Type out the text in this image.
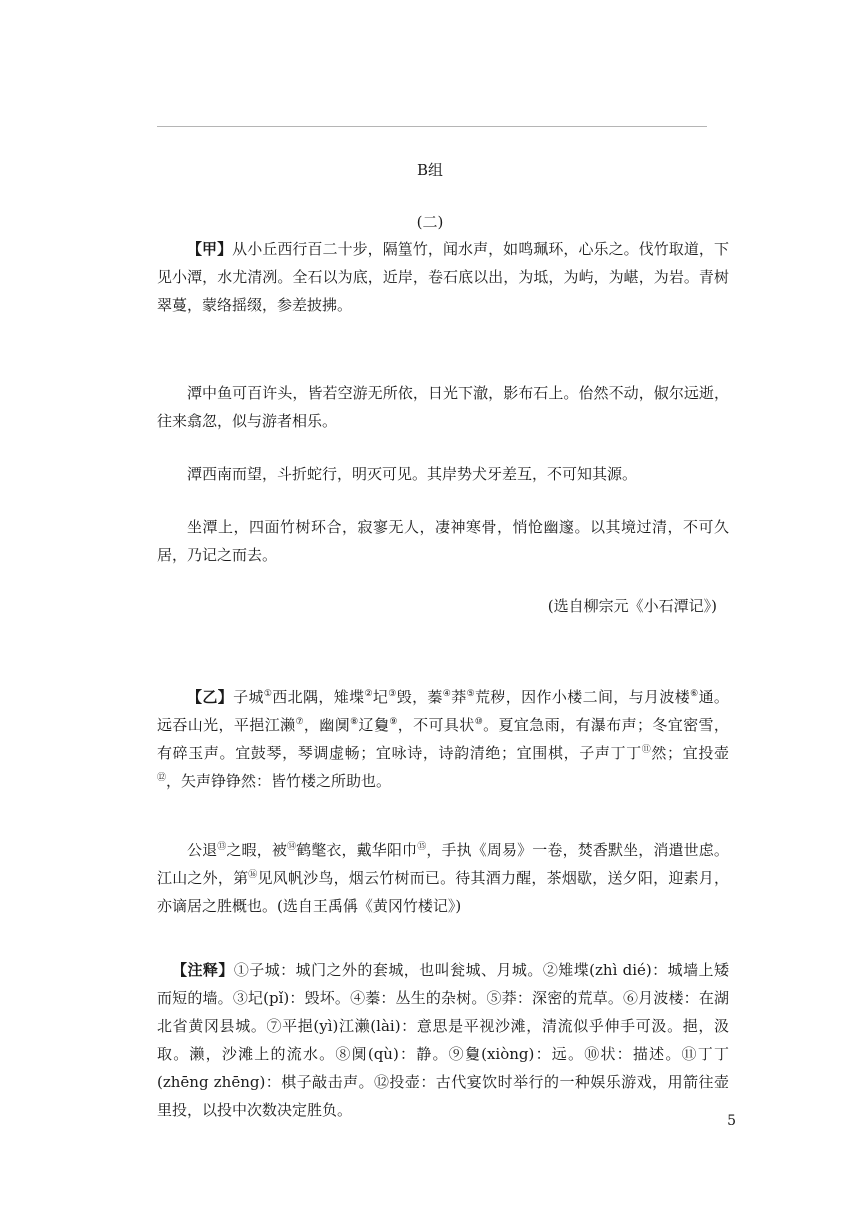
B组
(二)

【甲】从小丘西行百二十步，隔篁竹，闻水声，如鸣珮环，心乐之。伐竹取道，下见小潭，水尤清冽。全石以为底，近岸，卷石底以出，为坻，为屿，为嵁，为岩。青树翠蔓，蒙络摇缀，参差披拂。

潭中鱼可百许头，皆若空游无所依，日光下澈，影布石上。佁然不动，俶尔远逝，往来翕忽，似与游者相乐。

潭西南而望，斗折蛇行，明灭可见。其岸势犬牙差互，不可知其源。

坐潭上，四面竹树环合，寂寥无人，凄神寒骨，悄怆幽邃。以其境过清，不可久居，乃记之而去。

(选自柳宗元《小石潭记》)

【乙】子城①西北隅，雉堞②圮③毁，蓁④莽⑤荒秽，因作小楼二间，与月波楼⑥通。远吞山光，平挹江濑⑦，幽阒⑧辽敻⑨，不可具状⑩。夏宜急雨，有瀑布声；冬宜密雪，有碎玉声。宜鼓琴，琴调虚畅；宜咏诗，诗韵清绝；宜围棋，子声丁丁⑪然；宜投壶⑫，矢声铮铮然：皆竹楼之所助也。

公退⑬之暇，被⑭鹤氅衣，戴华阳巾⑮，手执《周易》一卷，焚香默坐，消遣世虑。江山之外，第⑯见风帆沙鸟，烟云竹树而已。待其酒力醒，茶烟歇，送夕阳，迎素月，亦谪居之胜概也。(选自王禹偁《黄冈竹楼记》)

【注释】①子城：城门之外的套城，也叫瓮城、月城。②雉堞(zhì dié)：城墙上矮而短的墙。③圮(pǐ)：毁坏。④蓁：丛生的杂树。⑤莽：深密的荒草。⑥月波楼：在湖北省黄冈县城。⑦平挹(yì)江濑(lài)：意思是平视沙滩，清流似乎伸手可汲。挹，汲取。濑，沙滩上的流水。⑧阒(qù)：静。⑨敻(xiòng)：远。⑩状：描述。⑪丁丁(zhēng zhēng)：棋子敲击声。⑫投壶：古代宴饮时举行的一种娱乐游戏，用箭往壶里投，以投中次数决定胜负。

5
